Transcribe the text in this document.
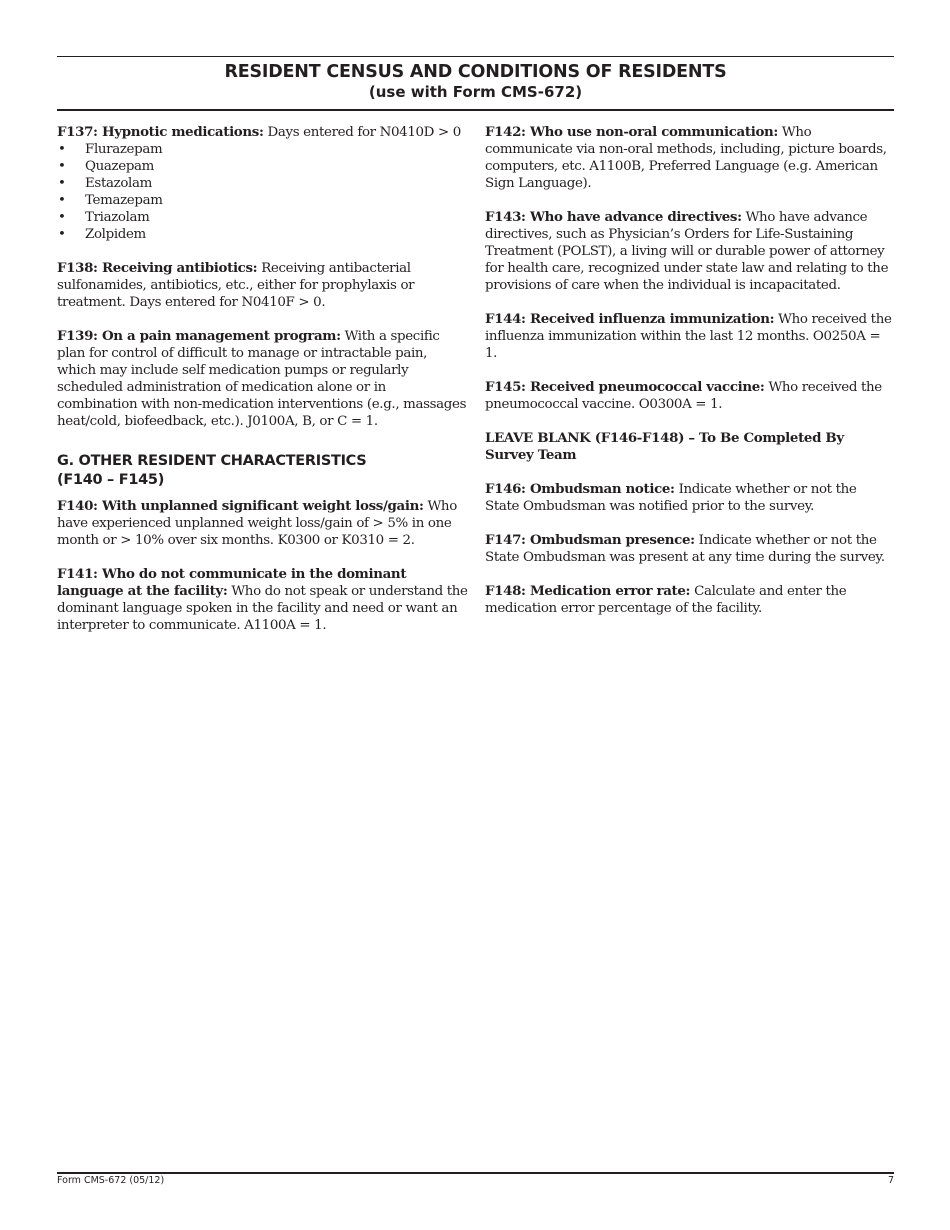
RESIDENT CENSUS AND CONDITIONS OF RESIDENTS
(use with Form CMS-672)
F137: Hypnotic medications: Days entered for N0410D > 0
• Flurazepam
• Quazepam
• Estazolam
• Temazepam
• Triazolam
• Zolpidem

F138: Receiving antibiotics: Receiving antibacterial sulfonamides, antibiotics, etc., either for prophylaxis or treatment. Days entered for N0410F > 0.

F139: On a pain management program: With a specific plan for control of difficult to manage or intractable pain, which may include self medication pumps or regularly scheduled administration of medication alone or in combination with non-medication interventions (e.g., massages heat/cold, biofeedback, etc.). J0100A, B, or C = 1.

G. OTHER RESIDENT CHARACTERISTICS
(F140 – F145)

F140: With unplanned significant weight loss/gain: Who have experienced unplanned weight loss/gain of > 5% in one month or > 10% over six months. K0300 or K0310 = 2.

F141: Who do not communicate in the dominant language at the facility: Who do not speak or understand the dominant language spoken in the facility and need or want an interpreter to communicate. A1100A = 1.

F142: Who use non-oral communication: Who communicate via non-oral methods, including, picture boards, computers, etc. A1100B, Preferred Language (e.g. American Sign Language).

F143: Who have advance directives: Who have advance directives, such as Physician’s Orders for Life-Sustaining Treatment (POLST), a living will or durable power of attorney for health care, recognized under state law and relating to the provisions of care when the individual is incapacitated.

F144: Received influenza immunization: Who received the influenza immunization within the last 12 months. O0250A = 1.

F145: Received pneumococcal vaccine: Who received the pneumococcal vaccine. O0300A = 1.

LEAVE BLANK (F146-F148) – To Be Completed By Survey Team

F146: Ombudsman notice: Indicate whether or not the State Ombudsman was notified prior to the survey.

F147: Ombudsman presence: Indicate whether or not the State Ombudsman was present at any time during the survey.

F148: Medication error rate: Calculate and enter the medication error percentage of the facility.

Form CMS-672 (05/12)	7
